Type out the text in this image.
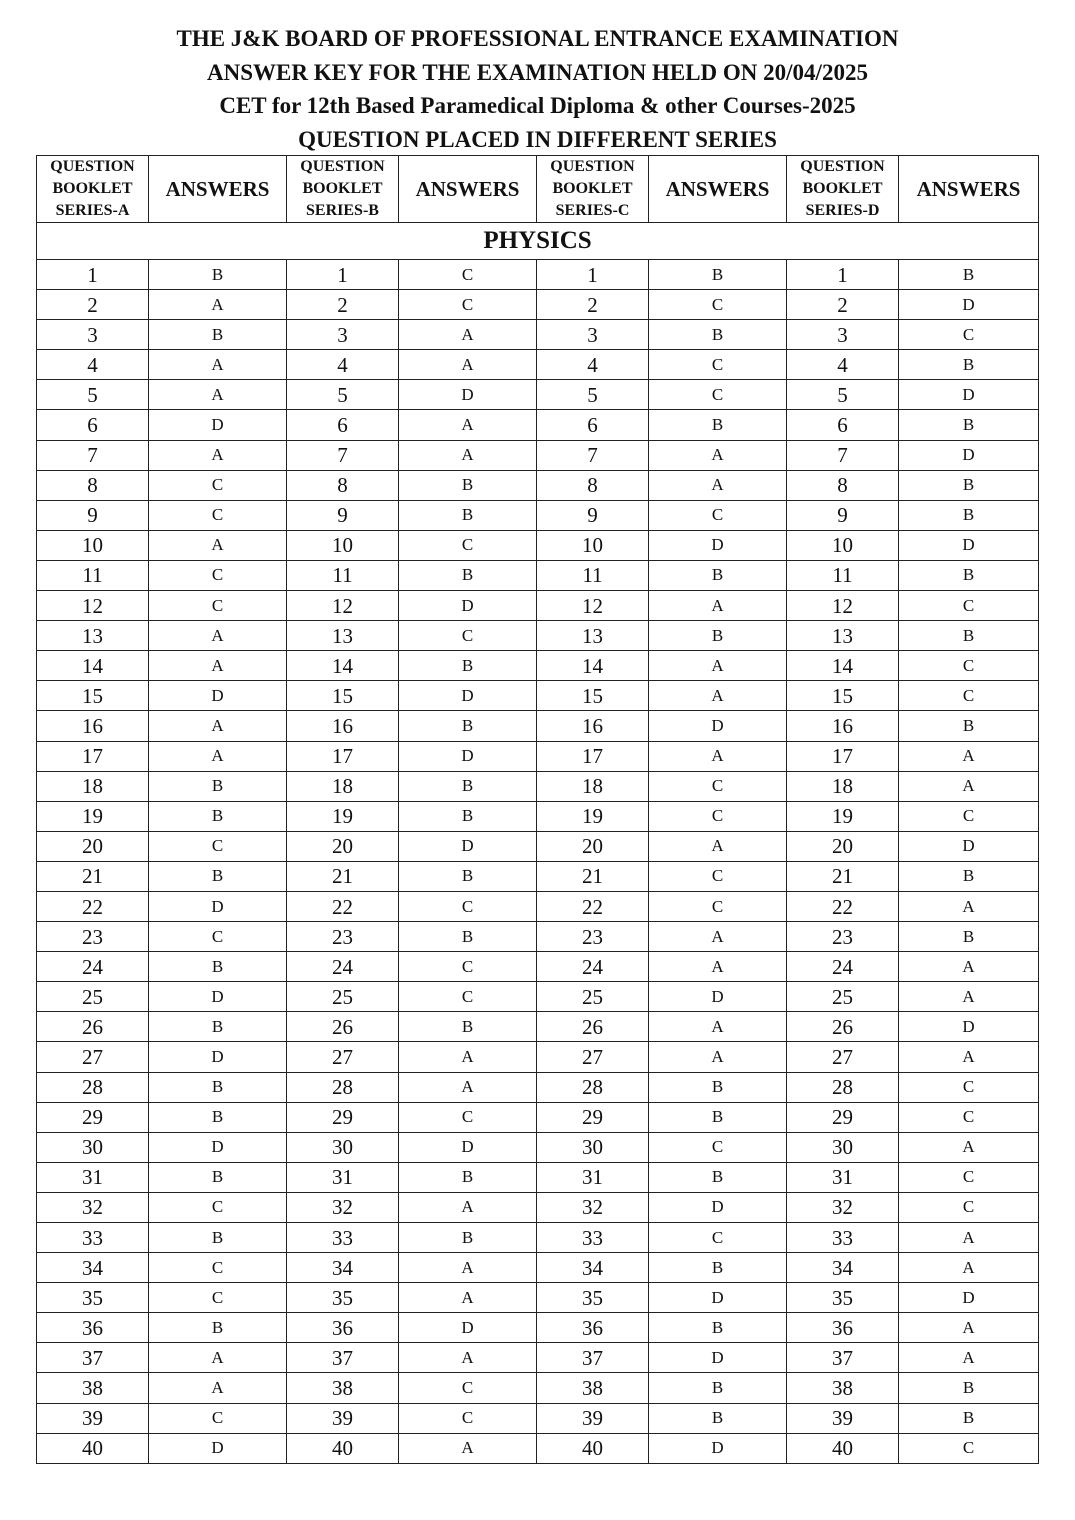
THE J&K BOARD OF PROFESSIONAL ENTRANCE EXAMINATION
ANSWER KEY FOR THE EXAMINATION HELD ON 20/04/2025
CET for 12th Based Paramedical Diploma & other Courses-2025
QUESTION PLACED IN DIFFERENT SERIES
QUESTION
BOOKLET
SERIES-A	ANSWERS	QUESTION
BOOKLET
SERIES-B	ANSWERS	QUESTION
BOOKLET
SERIES-C	ANSWERS	QUESTION
BOOKLET
SERIES-D	ANSWERS
PHYSICS							
1	B	1	C	1	B	1	B
2	A	2	C	2	C	2	D
3	B	3	A	3	B	3	C
4	A	4	A	4	C	4	B
5	A	5	D	5	C	5	D
6	D	6	A	6	B	6	B
7	A	7	A	7	A	7	D
8	C	8	B	8	A	8	B
9	C	9	B	9	C	9	B
10	A	10	C	10	D	10	D
11	C	11	B	11	B	11	B
12	C	12	D	12	A	12	C
13	A	13	C	13	B	13	B
14	A	14	B	14	A	14	C
15	D	15	D	15	A	15	C
16	A	16	B	16	D	16	B
17	A	17	D	17	A	17	A
18	B	18	B	18	C	18	A
19	B	19	B	19	C	19	C
20	C	20	D	20	A	20	D
21	B	21	B	21	C	21	B
22	D	22	C	22	C	22	A
23	C	23	B	23	A	23	B
24	B	24	C	24	A	24	A
25	D	25	C	25	D	25	A
26	B	26	B	26	A	26	D
27	D	27	A	27	A	27	A
28	B	28	A	28	B	28	C
29	B	29	C	29	B	29	C
30	D	30	D	30	C	30	A
31	B	31	B	31	B	31	C
32	C	32	A	32	D	32	C
33	B	33	B	33	C	33	A
34	C	34	A	34	B	34	A
35	C	35	A	35	D	35	D
36	B	36	D	36	B	36	A
37	A	37	A	37	D	37	A
38	A	38	C	38	B	38	B
39	C	39	C	39	B	39	B
40	D	40	A	40	D	40	C
